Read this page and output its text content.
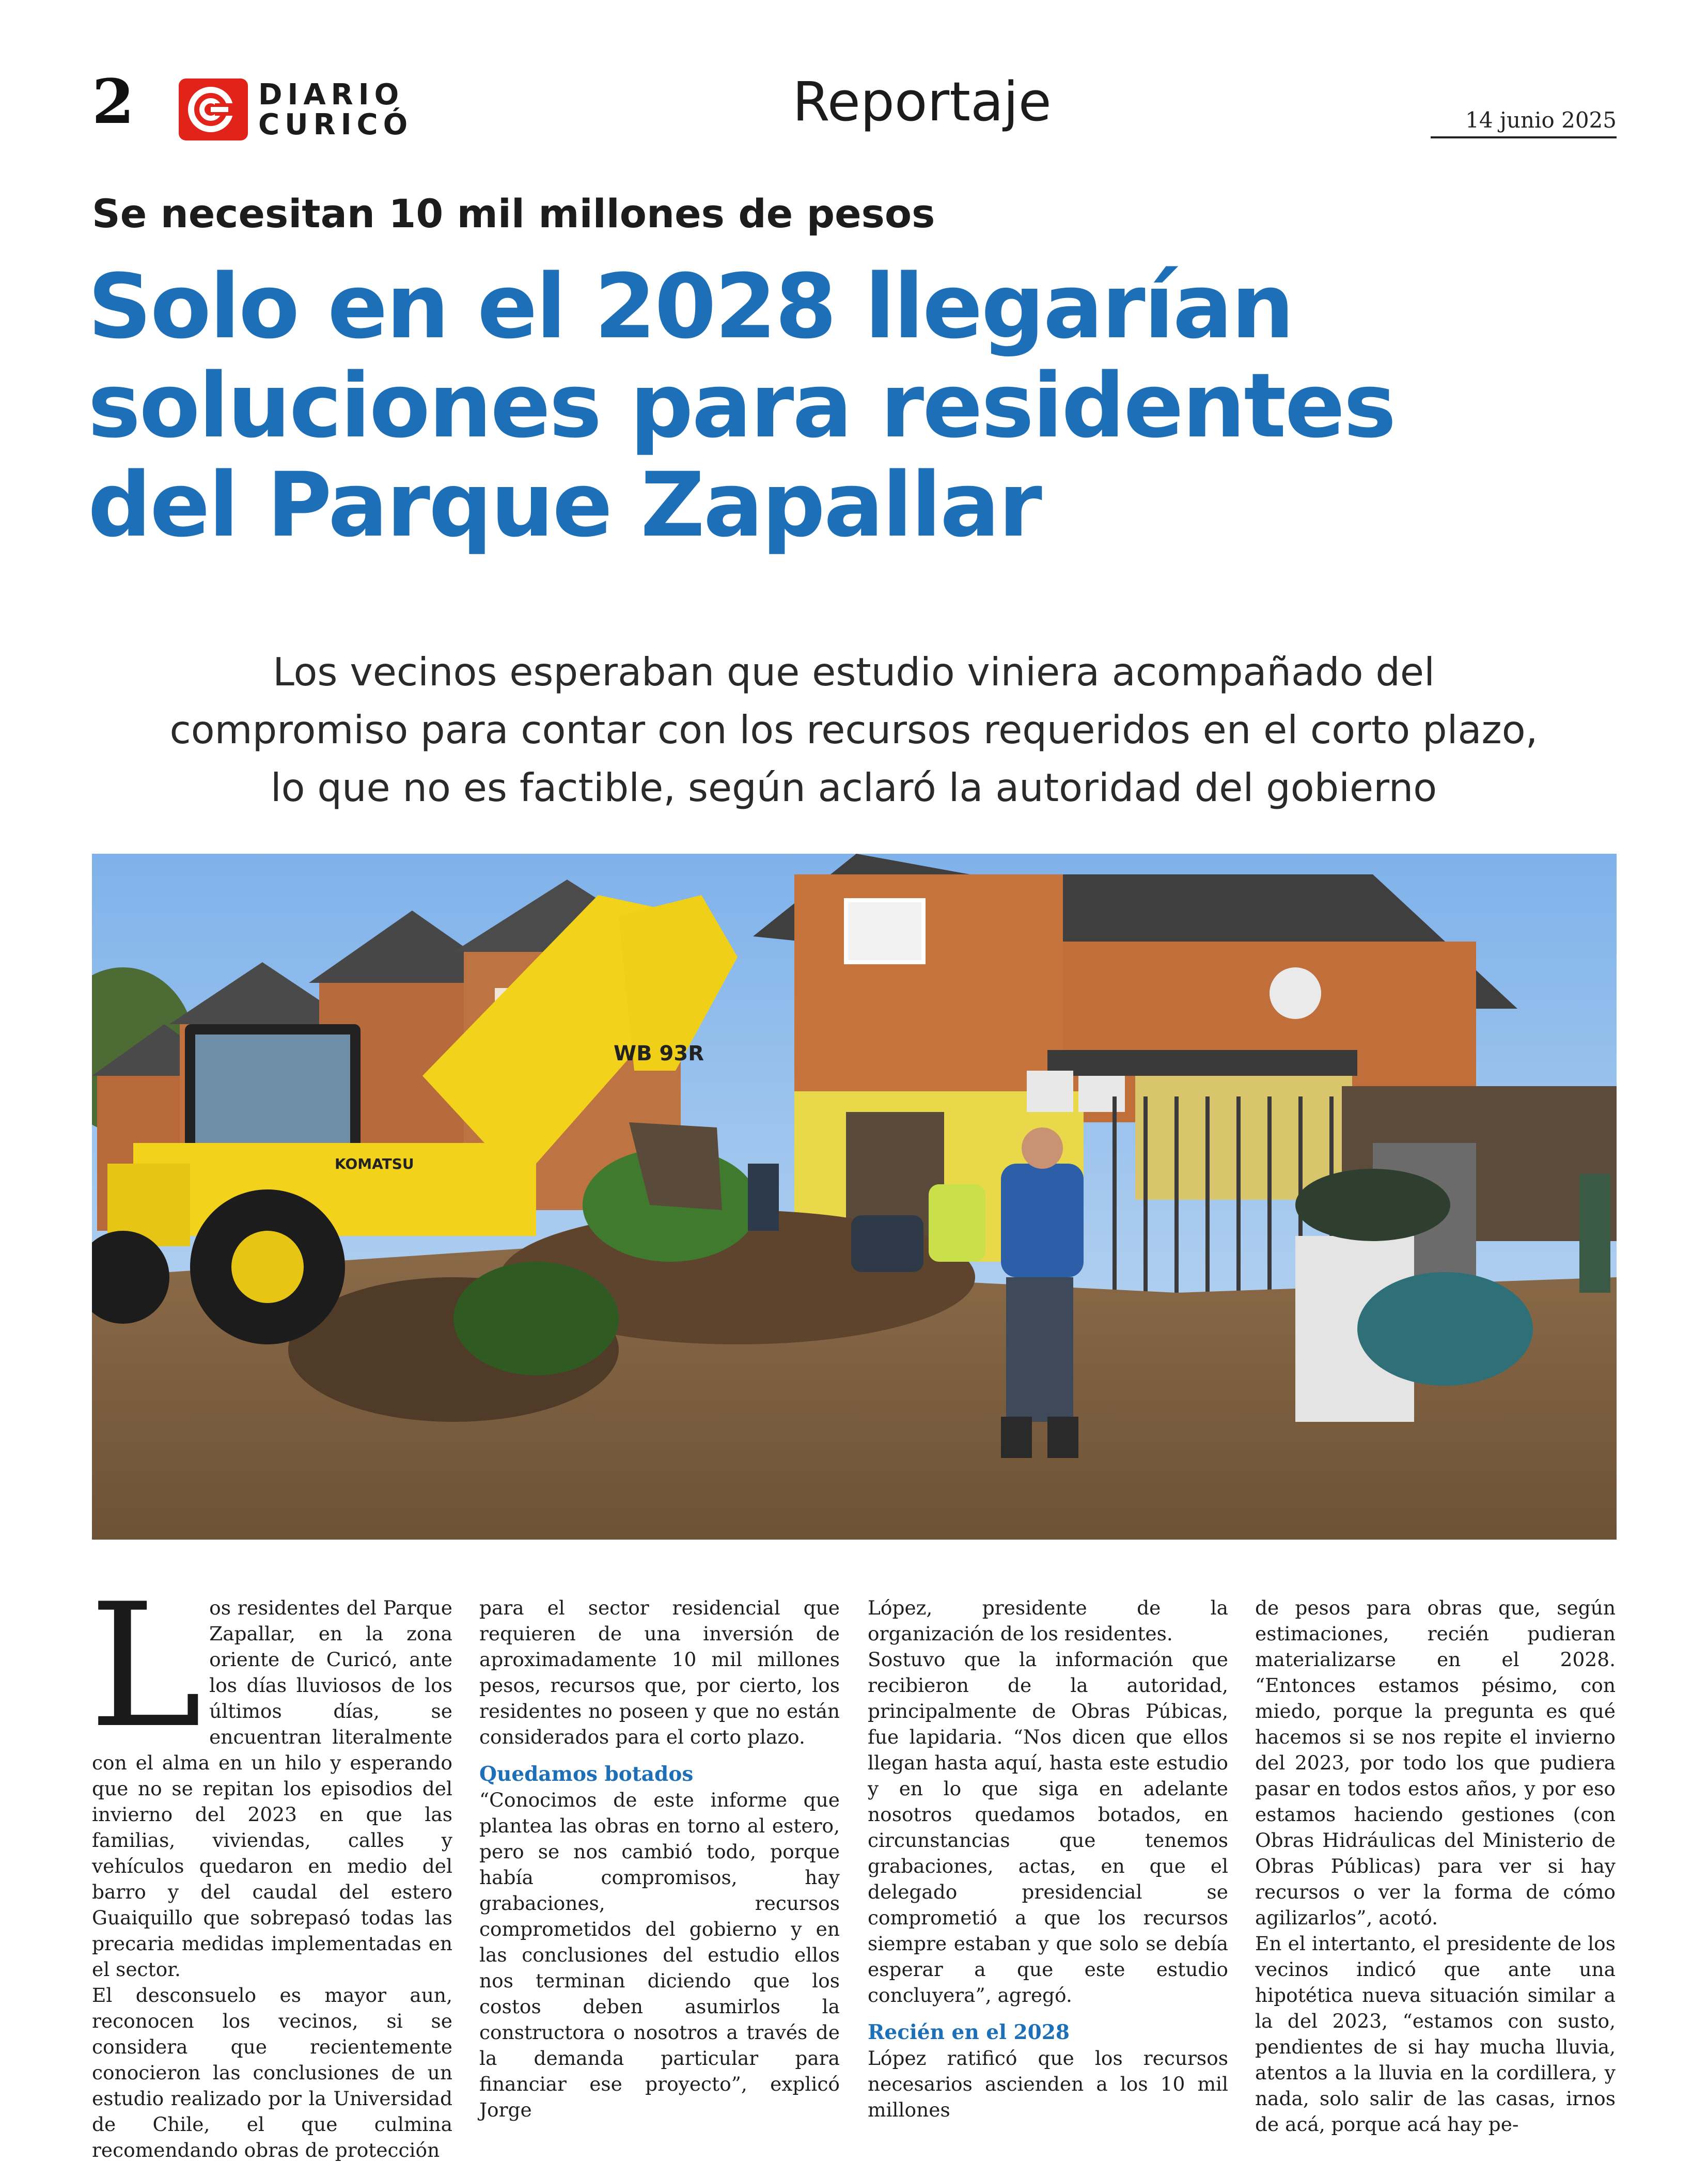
2	DIARIO
CURICÓ	Reportaje	14 junio 2025
Se necesitan 10 mil millones de pesos
Solo en el 2028 llegarían
soluciones para residentes
del Parque Zapallar
Los vecinos esperaban que estudio viniera acompañado del
compromiso para contar con los recursos requeridos en el corto plazo,
lo que no es factible, según aclaró la autoridad del gobierno
KOMATSU
WB 93R
L os residentes del Parque Zapallar, en la zona oriente de Curicó, ante los días lluviosos de los últimos días, se encuentran literalmente con el alma en un hilo y esperando que no se repitan los episodios del invierno del 2023 en que las familias, viviendas, calles y vehículos quedaron en medio del barro y del caudal del estero Guaiquillo que sobrepasó todas las precaria medidas implementadas en el sector.

El desconsuelo es mayor aun, reconocen los vecinos, si se considera que recientemente conocieron las conclusiones de un estudio realizado por la Universidad de Chile, el que culmina recomendando obras de protección

para el sector residencial que requieren de una inversión de aproximadamente 10 mil millones pesos, recursos que, por cierto, los residentes no poseen y que no están considerados para el corto plazo.

Quedamos botados

“Conocimos de este informe que plantea las obras en torno al estero, pero se nos cambió todo, porque había compromisos, hay grabaciones, recursos comprometidos del gobierno y en las conclusiones del estudio ellos nos terminan diciendo que los costos deben asumirlos la constructora o nosotros a través de la demanda particular para financiar ese proyecto”, explicó Jorge

López, presidente de la organización de los residentes.

Sostuvo que la información que recibieron de la autoridad, principalmente de Obras Púbicas, fue lapidaria. “Nos dicen que ellos llegan hasta aquí, hasta este estudio y en lo que siga en adelante nosotros quedamos botados, en circunstancias que tenemos grabaciones, actas, en que el delegado presidencial se comprometió a que los recursos siempre estaban y que solo se debía esperar a que este estudio concluyera”, agregó.

Recién en el 2028

López ratificó que los recursos necesarios ascienden a los 10 mil millones

de pesos para obras que, según estimaciones, recién pudieran materializarse en el 2028. “Entonces estamos pésimo, con miedo, porque la pregunta es qué hacemos si se nos repite el invierno del 2023, por todo los que pudiera pasar en todos estos años, y por eso estamos haciendo gestiones (con Obras Hidráulicas del Ministerio de Obras Públicas) para ver si hay recursos o ver la forma de cómo agilizarlos”, acotó.

En el intertanto, el presidente de los vecinos indicó que ante una hipotética nueva situación similar a la del 2023, “estamos con susto, pendientes de si hay mucha lluvia, atentos a la lluvia en la cordillera, y nada, solo salir de las casas, irnos de acá, porque acá hay pe-
